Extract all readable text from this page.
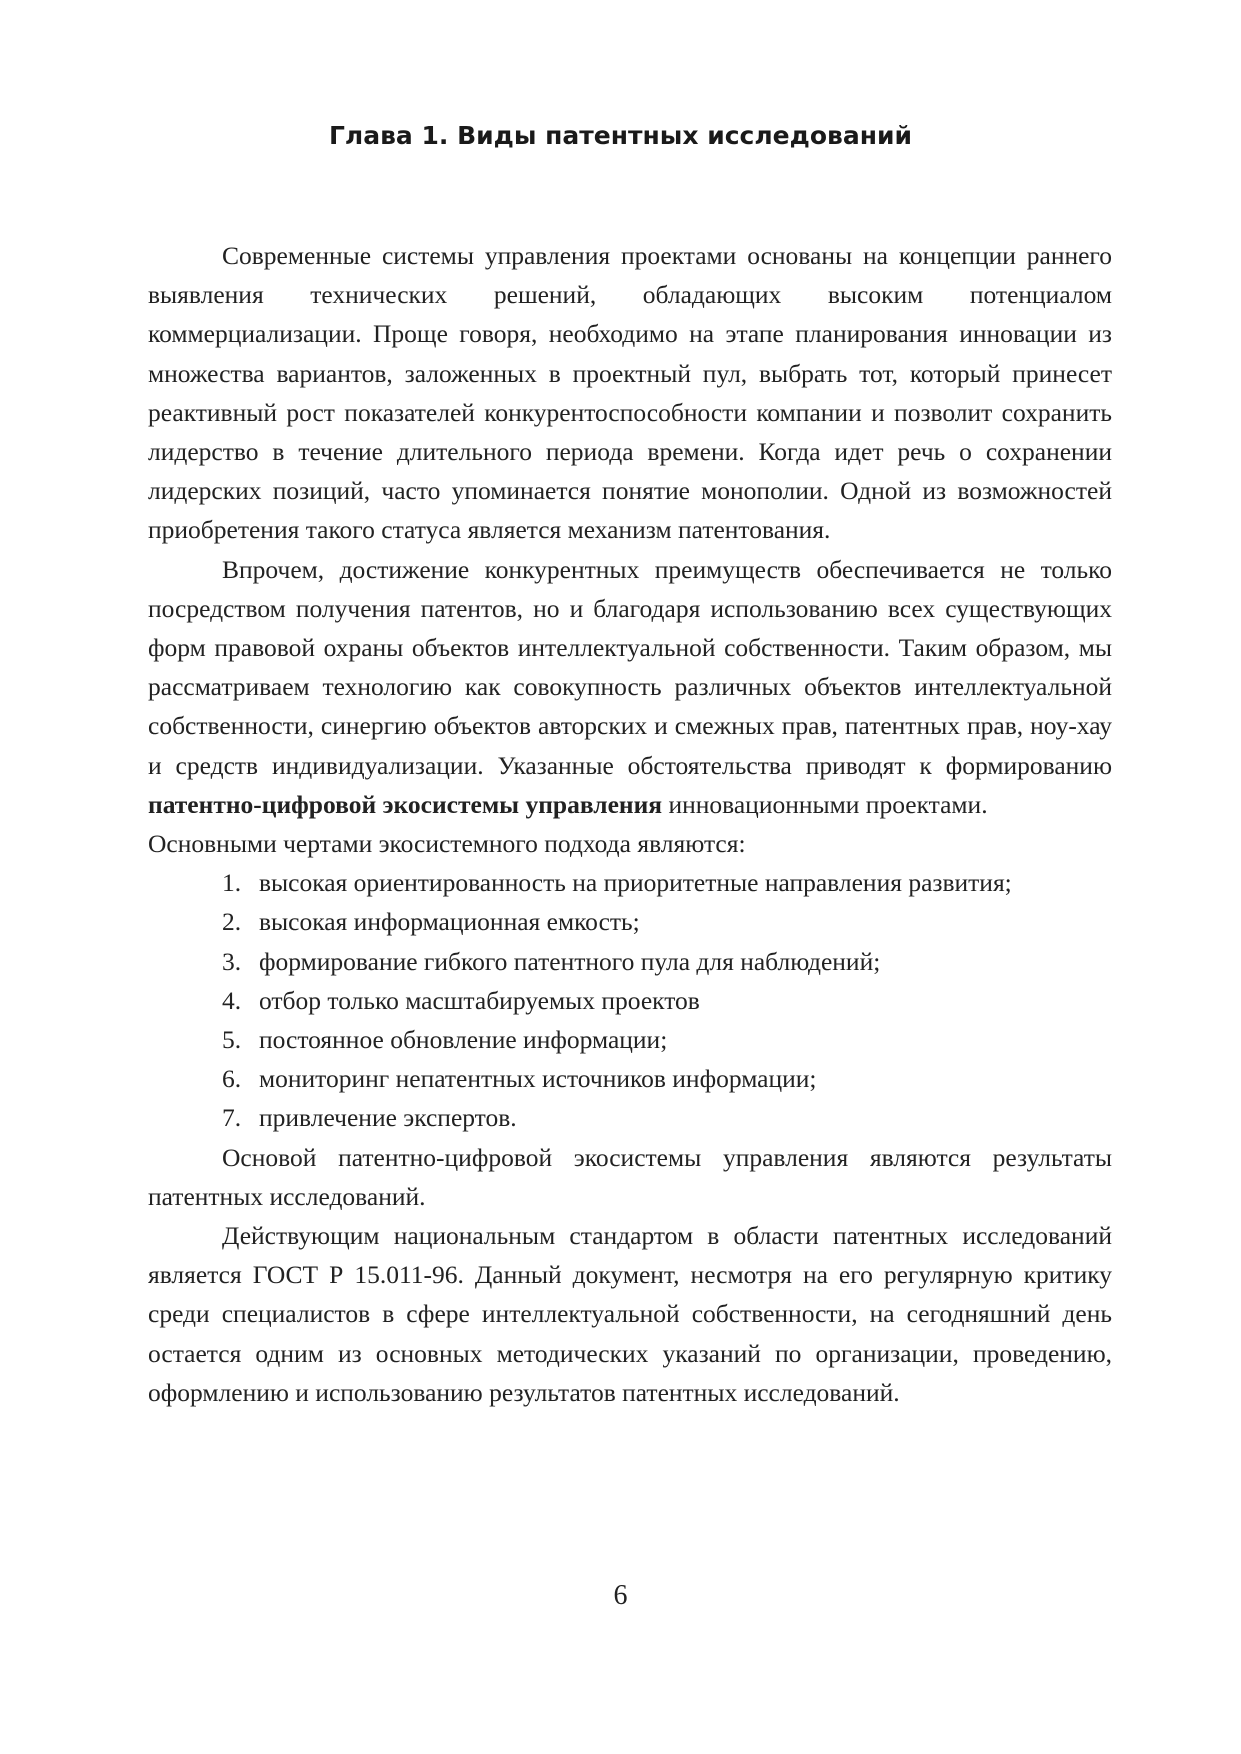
Глава 1. Виды патентных исследований

Современные системы управления проектами основаны на концепции раннего выявления технических решений, обладающих высоким потенциалом коммерциализации. Проще говоря, необходимо на этапе планирования инновации из множества вариантов, заложенных в проектный пул, выбрать тот, который принесет реактивный рост показателей конкурентоспособности компании и позволит сохранить лидерство в течение длительного периода времени. Когда идет речь о сохранении лидерских позиций, часто упоминается понятие монополии. Одной из возможностей приобретения такого статуса является механизм патентования.

Впрочем, достижение конкурентных преимуществ обеспечивается не только посредством получения патентов, но и благодаря использованию всех существующих форм правовой охраны объектов интеллектуальной собственности. Таким образом, мы рассматриваем технологию как совокупность различных объектов интеллектуальной собственности, синергию объектов авторских и смежных прав, патентных прав, ноу-хау и средств индивидуализации. Указанные обстоятельства приводят к формированию патентно-цифровой экосистемы управления инновационными проектами.

Основными чертами экосистемного подхода являются:

1. высокая ориентированность на приоритетные направления развития;
2. высокая информационная емкость;
3. формирование гибкого патентного пула для наблюдений;
4. отбор только масштабируемых проектов
5. постоянное обновление информации;
6. мониторинг непатентных источников информации;
7. привлечение экспертов.

Основой патентно-цифровой экосистемы управления являются результаты патентных исследований.

Действующим национальным стандартом в области патентных исследований является ГОСТ Р 15.011-96. Данный документ, несмотря на его регулярную критику среди специалистов в сфере интеллектуальной собственности, на сегодняшний день остается одним из основных методических указаний по организации, проведению, оформлению и использованию результатов патентных исследований.

6
